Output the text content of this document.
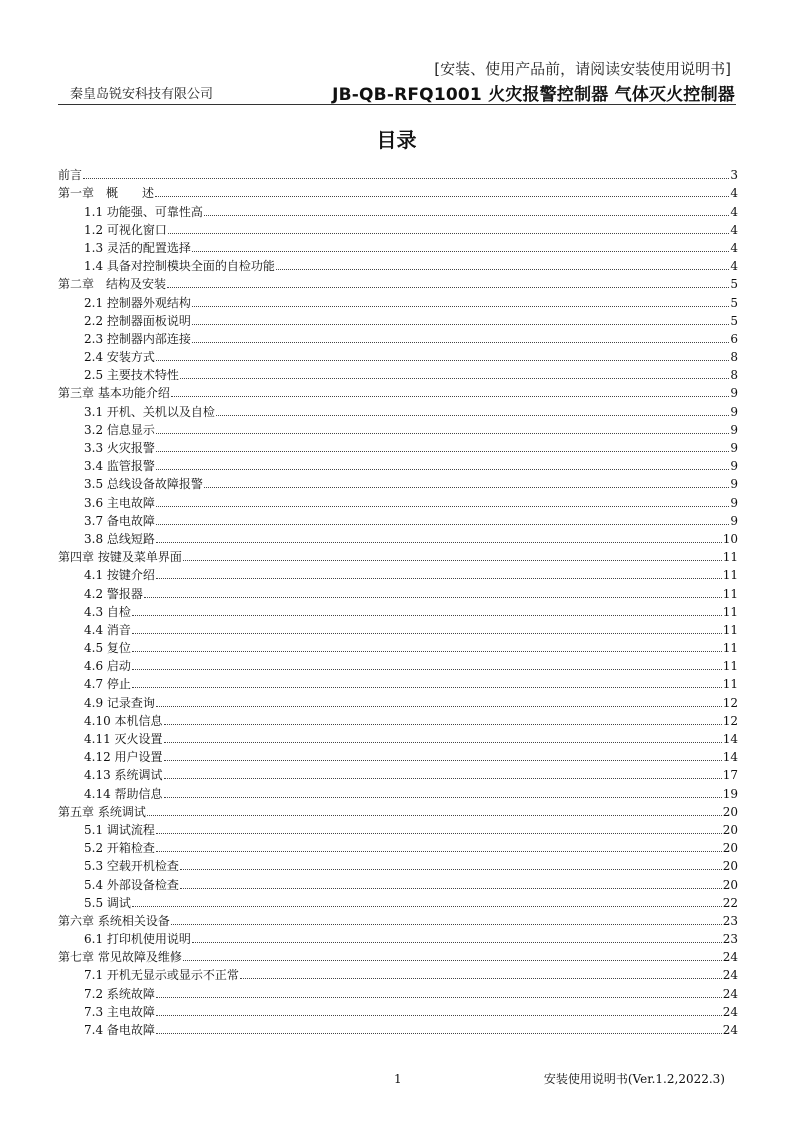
[安装、使用产品前，请阅读安装使用说明书]
秦皇岛锐安科技有限公司	JB-QB-RFQ1001 火灾报警控制器 气体灭火控制器
目录
前言	3
第一章　概　　述	4
1.1 功能强、可靠性高	4
1.2 可视化窗口	4
1.3 灵活的配置选择	4
1.4 具备对控制模块全面的自检功能	4
第二章　结构及安装	5
2.1 控制器外观结构	5
2.2 控制器面板说明	5
2.3 控制器内部连接	6
2.4 安装方式	8
2.5 主要技术特性	8
第三章 基本功能介绍	9
3.1 开机、关机以及自检	9
3.2 信息显示	9
3.3 火灾报警	9
3.4 监管报警	9
3.5 总线设备故障报警	9
3.6 主电故障	9
3.7 备电故障	9
3.8 总线短路	10
第四章 按键及菜单界面	11
4.1 按键介绍	11
4.2 警报器	11
4.3 自检	11
4.4 消音	11
4.5 复位	11
4.6 启动	11
4.7 停止	11
4.9 记录查询	12
4.10 本机信息	12
4.11 灭火设置	14
4.12 用户设置	14
4.13 系统调试	17
4.14 帮助信息	19
第五章 系统调试	20
5.1 调试流程	20
5.2 开箱检查	20
5.3 空载开机检查	20
5.4 外部设备检查	20
5.5 调试	22
第六章 系统相关设备	23
6.1 打印机使用说明	23
第七章 常见故障及维修	24
7.1 开机无显示或显示不正常	24
7.2 系统故障	24
7.3 主电故障	24
7.4 备电故障	24
1	安装使用说明书(Ver.1.2,2022.3)
